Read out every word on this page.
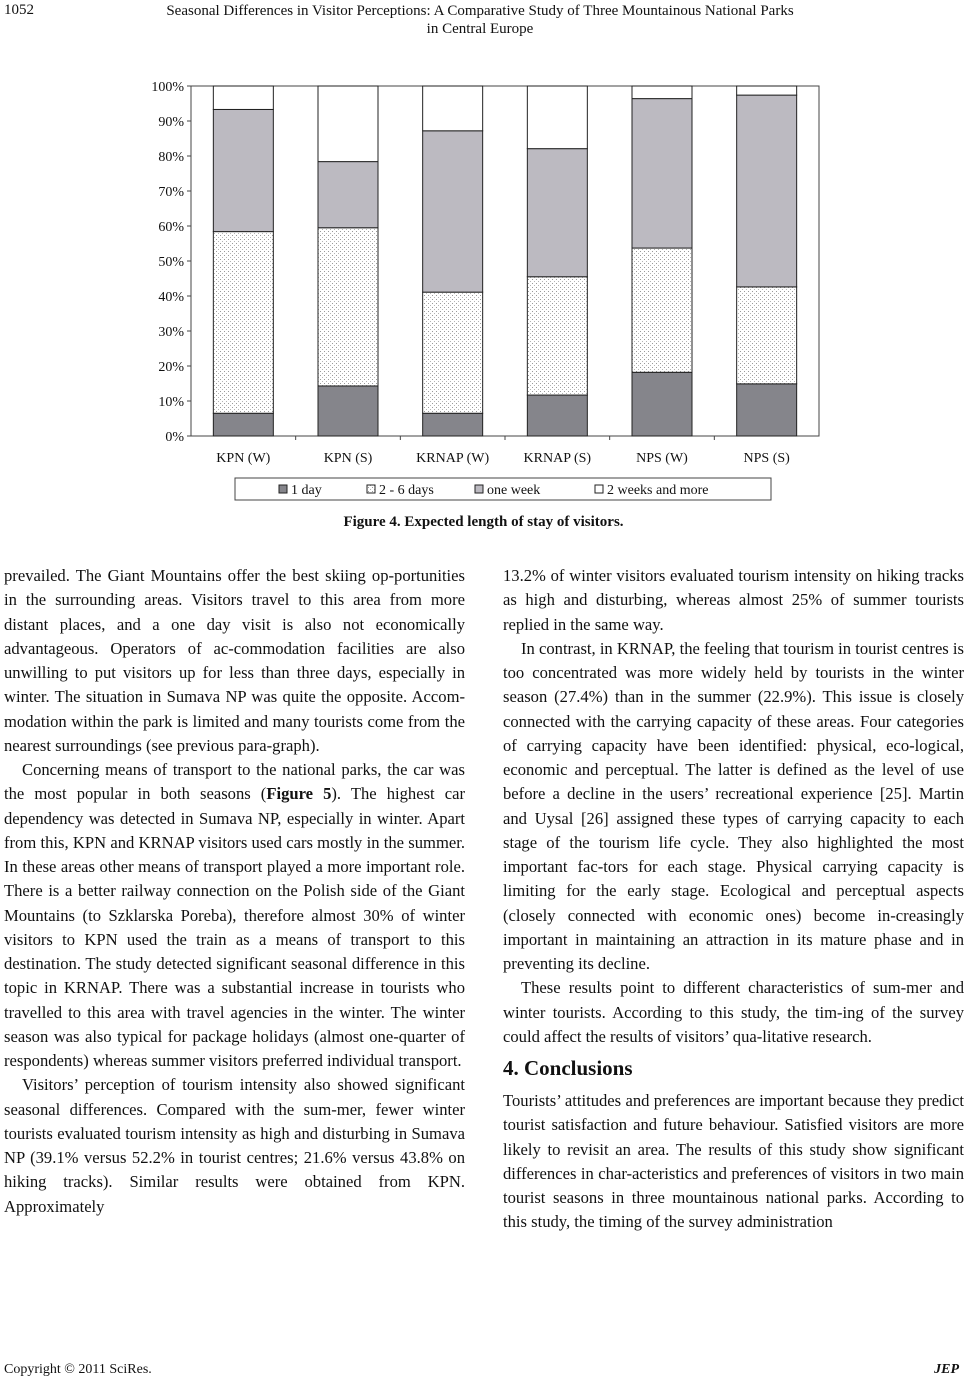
1052	Seasonal Differences in Visitor Perceptions: A Comparative Study of Three Mountainous National Parks
in Central Europe
0%
10%
20%
30%
40%
50%
60%
70%
80%
90%
100%
KPN (W)	KPN (S)	KRNAP (W) KRNAP (S)	NPS (W)	NPS (S)
1 day	2 - 6 days	one week	2 weeks and more
Figure 4. Expected length of stay of visitors.

prevailed. The Giant Mountains offer the best skiing op-portunities in the surrounding areas. Visitors travel to this area from more distant places, and a one day visit is also not economically advantageous. Operators of ac-commodation facilities are also unwilling to put visitors up for less than three days, especially in winter. The situation in Sumava NP was quite the opposite. Accom-modation within the park is limited and many tourists come from the nearest surroundings (see previous para-graph).

Concerning means of transport to the national parks, the car was the most popular in both seasons (Figure 5). The highest car dependency was detected in Sumava NP, especially in winter. Apart from this, KPN and KRNAP visitors used cars mostly in the summer. In these areas other means of transport played a more important role. There is a better railway connection on the Polish side of the Giant Mountains (to Szklarska Poreba), therefore almost 30% of winter visitors to KPN used the train as a means of transport to this destination. The study detected significant seasonal difference in this topic in KRNAP. There was a substantial increase in tourists who travelled to this area with travel agencies in the winter. The winter season was also typical for package holidays (almost one-quarter of respondents) whereas summer visitors preferred individual transport.

Visitors’ perception of tourism intensity also showed significant seasonal differences. Compared with the sum-mer, fewer winter tourists evaluated tourism intensity as high and disturbing in Sumava NP (39.1% versus 52.2% in tourist centres; 21.6% versus 43.8% on hiking tracks). Similar results were obtained from KPN. Approximately

13.2% of winter visitors evaluated tourism intensity on hiking tracks as high and disturbing, whereas almost 25% of summer tourists replied in the same way.

In contrast, in KRNAP, the feeling that tourism in tourist centres is too concentrated was more widely held by tourists in the winter season (27.4%) than in the summer (22.9%). This issue is closely connected with the carrying capacity of these areas. Four categories of carrying capacity have been identified: physical, eco-logical, economic and perceptual. The latter is defined as the level of use before a decline in the users’ recreational experience [25]. Martin and Uysal [26] assigned these types of carrying capacity to each stage of the tourism life cycle. They also highlighted the most important fac-tors for each stage. Physical carrying capacity is limiting for the early stage. Ecological and perceptual aspects (closely connected with economic ones) become in-creasingly important in maintaining an attraction in its mature phase and in preventing its decline.

These results point to different characteristics of sum-mer and winter tourists. According to this study, the tim-ing of the survey could affect the results of visitors’ qua-litative research.

4. Conclusions

Tourists’ attitudes and preferences are important because they predict tourist satisfaction and future behaviour. Satisfied visitors are more likely to revisit an area. The results of this study show significant differences in char-acteristics and preferences of visitors in two main tourist seasons in three mountainous national parks. According to this study, the timing of the survey administration

Copyright © 2011 SciRes.	JEP
